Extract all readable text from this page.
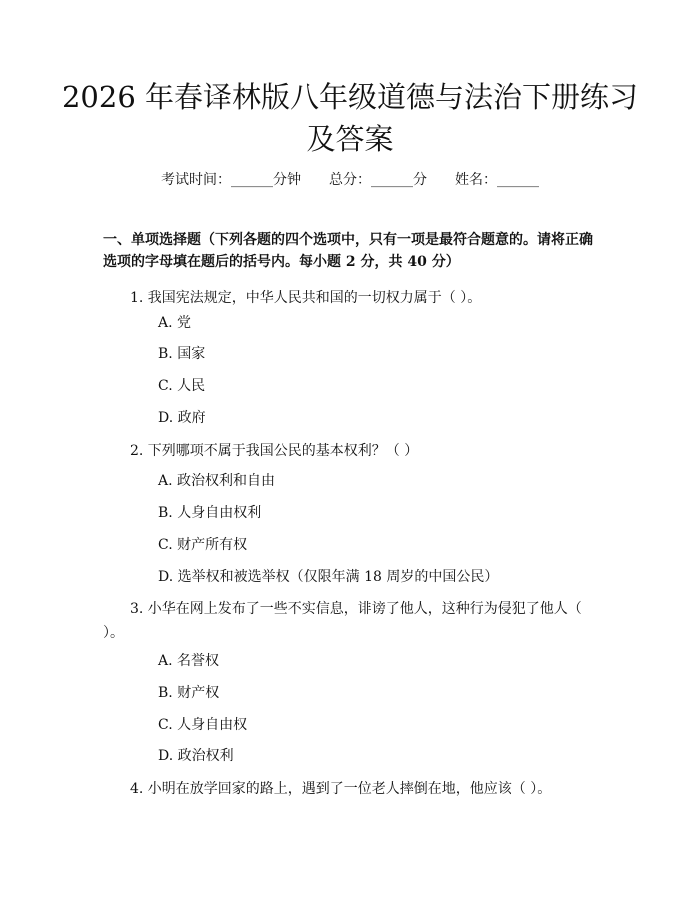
2026 年春译林版八年级道德与法治下册练习及答案
考试时间：______分钟 总分：______分 姓名：______

一、单项选择题（下列各题的四个选项中，只有一项是最符合题意的。请将正确选项的字母填在题后的括号内。每小题 2 分，共 40 分）

1. 我国宪法规定，中华人民共和国的一切权力属于（ ）。

A. 党

B. 国家

C. 人民

D. 政府

2. 下列哪项不属于我国公民的基本权利？（ ）

A. 政治权利和自由

B. 人身自由权利

C. 财产所有权

D. 选举权和被选举权（仅限年满 18 周岁的中国公民）

3. 小华在网上发布了一些不实信息，诽谤了他人，这种行为侵犯了他人（ ）。

A. 名誉权

B. 财产权

C. 人身自由权

D. 政治权利

4. 小明在放学回家的路上，遇到了一位老人摔倒在地，他应该（ ）。
